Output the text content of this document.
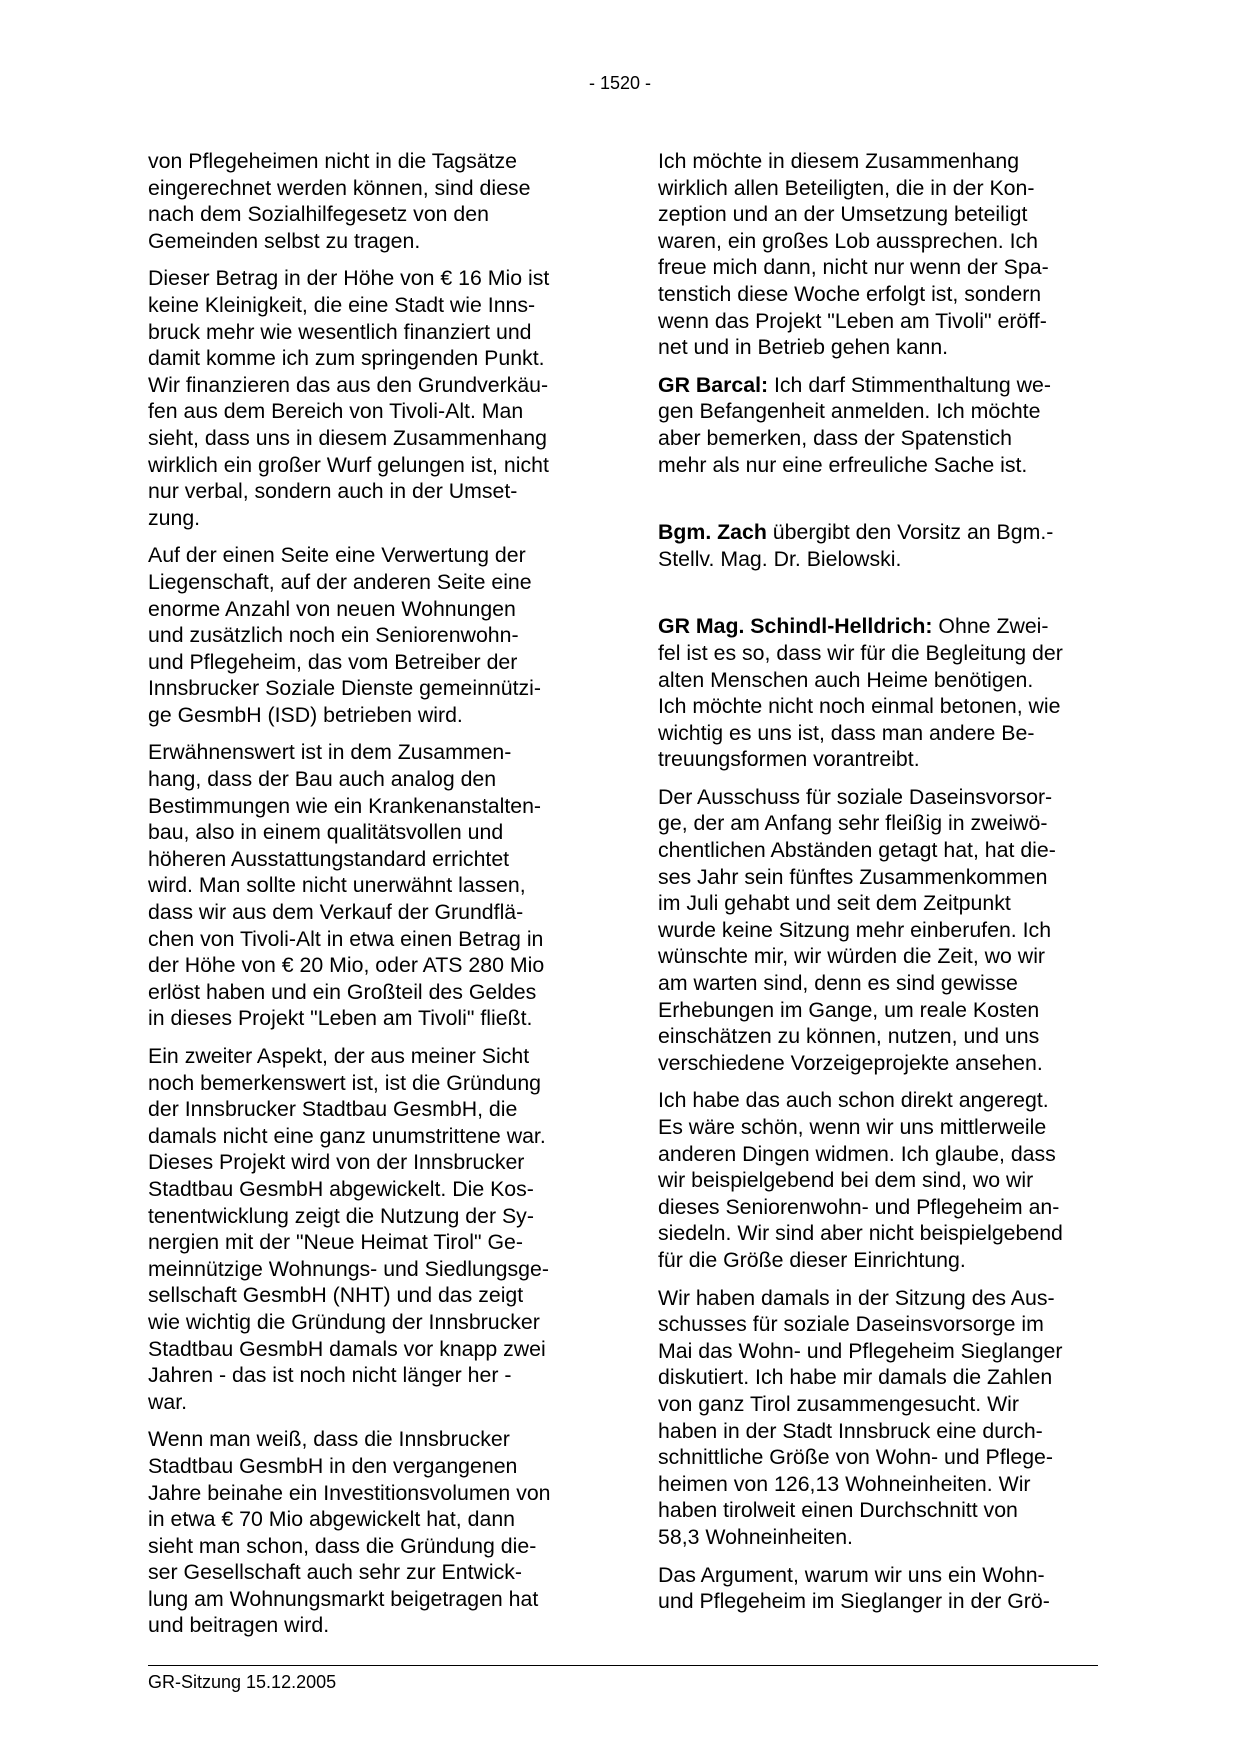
- 1520 -

von Pflegeheimen nicht in die Tagsätze
eingerechnet werden können, sind diese
nach dem Sozialhilfegesetz von den
Gemeinden selbst zu tragen.

Dieser Betrag in der Höhe von € 16 Mio ist
keine Kleinigkeit, die eine Stadt wie Inns-
bruck mehr wie wesentlich finanziert und
damit komme ich zum springenden Punkt.
Wir finanzieren das aus den Grundverkäu-
fen aus dem Bereich von Tivoli-Alt. Man
sieht, dass uns in diesem Zusammenhang
wirklich ein großer Wurf gelungen ist, nicht
nur verbal, sondern auch in der Umset-
zung.

Auf der einen Seite eine Verwertung der
Liegenschaft, auf der anderen Seite eine
enorme Anzahl von neuen Wohnungen
und zusätzlich noch ein Seniorenwohn-
und Pflegeheim, das vom Betreiber der
Innsbrucker Soziale Dienste gemeinnützi-
ge GesmbH (ISD) betrieben wird.

Erwähnenswert ist in dem Zusammen-
hang, dass der Bau auch analog den
Bestimmungen wie ein Krankenanstalten-
bau, also in einem qualitätsvollen und
höheren Ausstattungstandard errichtet
wird. Man sollte nicht unerwähnt lassen,
dass wir aus dem Verkauf der Grundflä-
chen von Tivoli-Alt in etwa einen Betrag in
der Höhe von € 20 Mio, oder ATS 280 Mio
erlöst haben und ein Großteil des Geldes
in dieses Projekt "Leben am Tivoli" fließt.

Ein zweiter Aspekt, der aus meiner Sicht
noch bemerkenswert ist, ist die Gründung
der Innsbrucker Stadtbau GesmbH, die
damals nicht eine ganz unumstrittene war.
Dieses Projekt wird von der Innsbrucker
Stadtbau GesmbH abgewickelt. Die Kos-
tenentwicklung zeigt die Nutzung der Sy-
nergien mit der "Neue Heimat Tirol" Ge-
meinnützige Wohnungs- und Siedlungsge-
sellschaft GesmbH (NHT) und das zeigt
wie wichtig die Gründung der Innsbrucker
Stadtbau GesmbH damals vor knapp zwei
Jahren - das ist noch nicht länger her -
war.

Wenn man weiß, dass die Innsbrucker
Stadtbau GesmbH in den vergangenen
Jahre beinahe ein Investitionsvolumen von
in etwa € 70 Mio abgewickelt hat, dann
sieht man schon, dass die Gründung die-
ser Gesellschaft auch sehr zur Entwick-
lung am Wohnungsmarkt beigetragen hat
und beitragen wird.

Ich möchte in diesem Zusammenhang
wirklich allen Beteiligten, die in der Kon-
zeption und an der Umsetzung beteiligt
waren, ein großes Lob aussprechen. Ich
freue mich dann, nicht nur wenn der Spa-
tenstich diese Woche erfolgt ist, sondern
wenn das Projekt "Leben am Tivoli" eröff-
net und in Betrieb gehen kann.

GR Barcal: Ich darf Stimmenthaltung we-
gen Befangenheit anmelden. Ich möchte
aber bemerken, dass der Spatenstich
mehr als nur eine erfreuliche Sache ist.

Bgm. Zach übergibt den Vorsitz an Bgm.-
Stellv. Mag. Dr. Bielowski.

GR Mag. Schindl-Helldrich: Ohne Zwei-
fel ist es so, dass wir für die Begleitung der
alten Menschen auch Heime benötigen.
Ich möchte nicht noch einmal betonen, wie
wichtig es uns ist, dass man andere Be-
treuungsformen vorantreibt.

Der Ausschuss für soziale Daseinsvorsor-
ge, der am Anfang sehr fleißig in zweiwö-
chentlichen Abständen getagt hat, hat die-
ses Jahr sein fünftes Zusammenkommen
im Juli gehabt und seit dem Zeitpunkt
wurde keine Sitzung mehr einberufen. Ich
wünschte mir, wir würden die Zeit, wo wir
am warten sind, denn es sind gewisse
Erhebungen im Gange, um reale Kosten
einschätzen zu können, nutzen, und uns
verschiedene Vorzeigeprojekte ansehen.

Ich habe das auch schon direkt angeregt.
Es wäre schön, wenn wir uns mittlerweile
anderen Dingen widmen. Ich glaube, dass
wir beispielgebend bei dem sind, wo wir
dieses Seniorenwohn- und Pflegeheim an-
siedeln. Wir sind aber nicht beispielgebend
für die Größe dieser Einrichtung.

Wir haben damals in der Sitzung des Aus-
schusses für soziale Daseinsvorsorge im
Mai das Wohn- und Pflegeheim Sieglanger
diskutiert. Ich habe mir damals die Zahlen
von ganz Tirol zusammengesucht. Wir
haben in der Stadt Innsbruck eine durch-
schnittliche Größe von Wohn- und Pflege-
heimen von 126,13 Wohneinheiten. Wir
haben tirolweit einen Durchschnitt von
58,3 Wohneinheiten.

Das Argument, warum wir uns ein Wohn-
und Pflegeheim im Sieglanger in der Grö-

GR-Sitzung 15.12.2005
